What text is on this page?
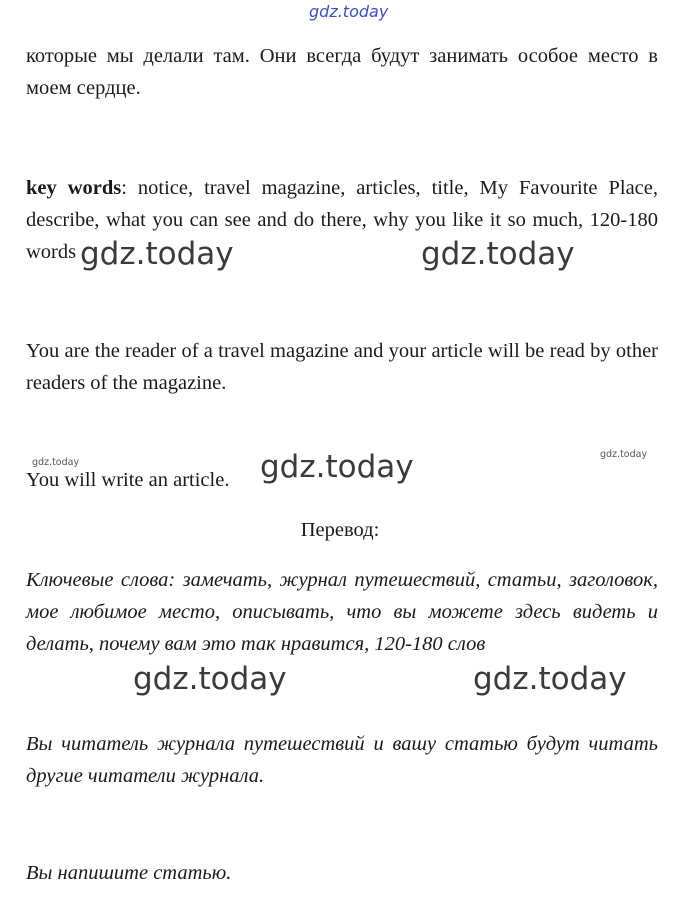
gdz.today

которые мы делали там. Они всегда будут занимать особое место в моем сердце.

key words: notice, travel magazine, articles, title, My Favourite Place, describe, what you can see and do there, why you like it so much, 120-180 words gdz.today	gdz.today

You are the reader of a travel magazine and your article will be read by other readers of the magazine.

gdz.today
gdz.today

You will write an article. gdz.today

Перевод:

Ключевые слова: замечать, журнал путешествий, статьи, заголовок, мое любимое место, описывать, что вы можете здесь видеть и делать, почему вам это так нравится, 120-180 слов

gdz.today	gdz.today

Вы читатель журнала путешествий и вашу статью будут читать другие читатели журнала.

Вы напишите статью.
